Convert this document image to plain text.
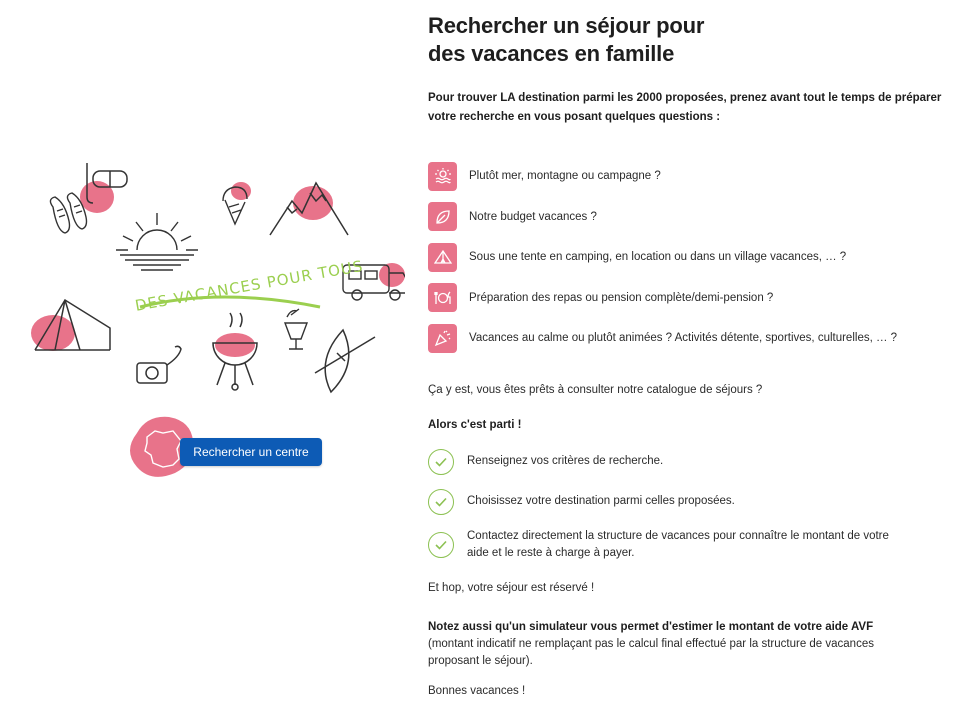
DES VACANCES POUR TOUS
Rechercher un centre
Rechercher un séjour pour
des vacances en famille
Pour trouver LA destination parmi les 2000 proposées, prenez avant tout le temps de préparer votre recherche en vous posant quelques questions :
Plutôt mer, montagne ou campagne ?
Notre budget vacances ?
Sous une tente en camping, en location ou dans un village vacances, … ?
Préparation des repas ou pension complète/demi-pension ?
Vacances au calme ou plutôt animées ? Activités détente, sportives, culturelles, … ?
Ça y est, vous êtes prêts à consulter notre catalogue de séjours ?
Alors c'est parti !
Renseignez vos critères de recherche.
Choisissez votre destination parmi celles proposées.
Contactez directement la structure de vacances pour connaître le montant de votre
aide et le reste à charge à payer.
Et hop, votre séjour est réservé !
Notez aussi qu'un simulateur vous permet d'estimer le montant de votre aide AVF
(montant indicatif ne remplaçant pas le calcul final effectué par la structure de vacances
proposant le séjour).
Bonnes vacances !
